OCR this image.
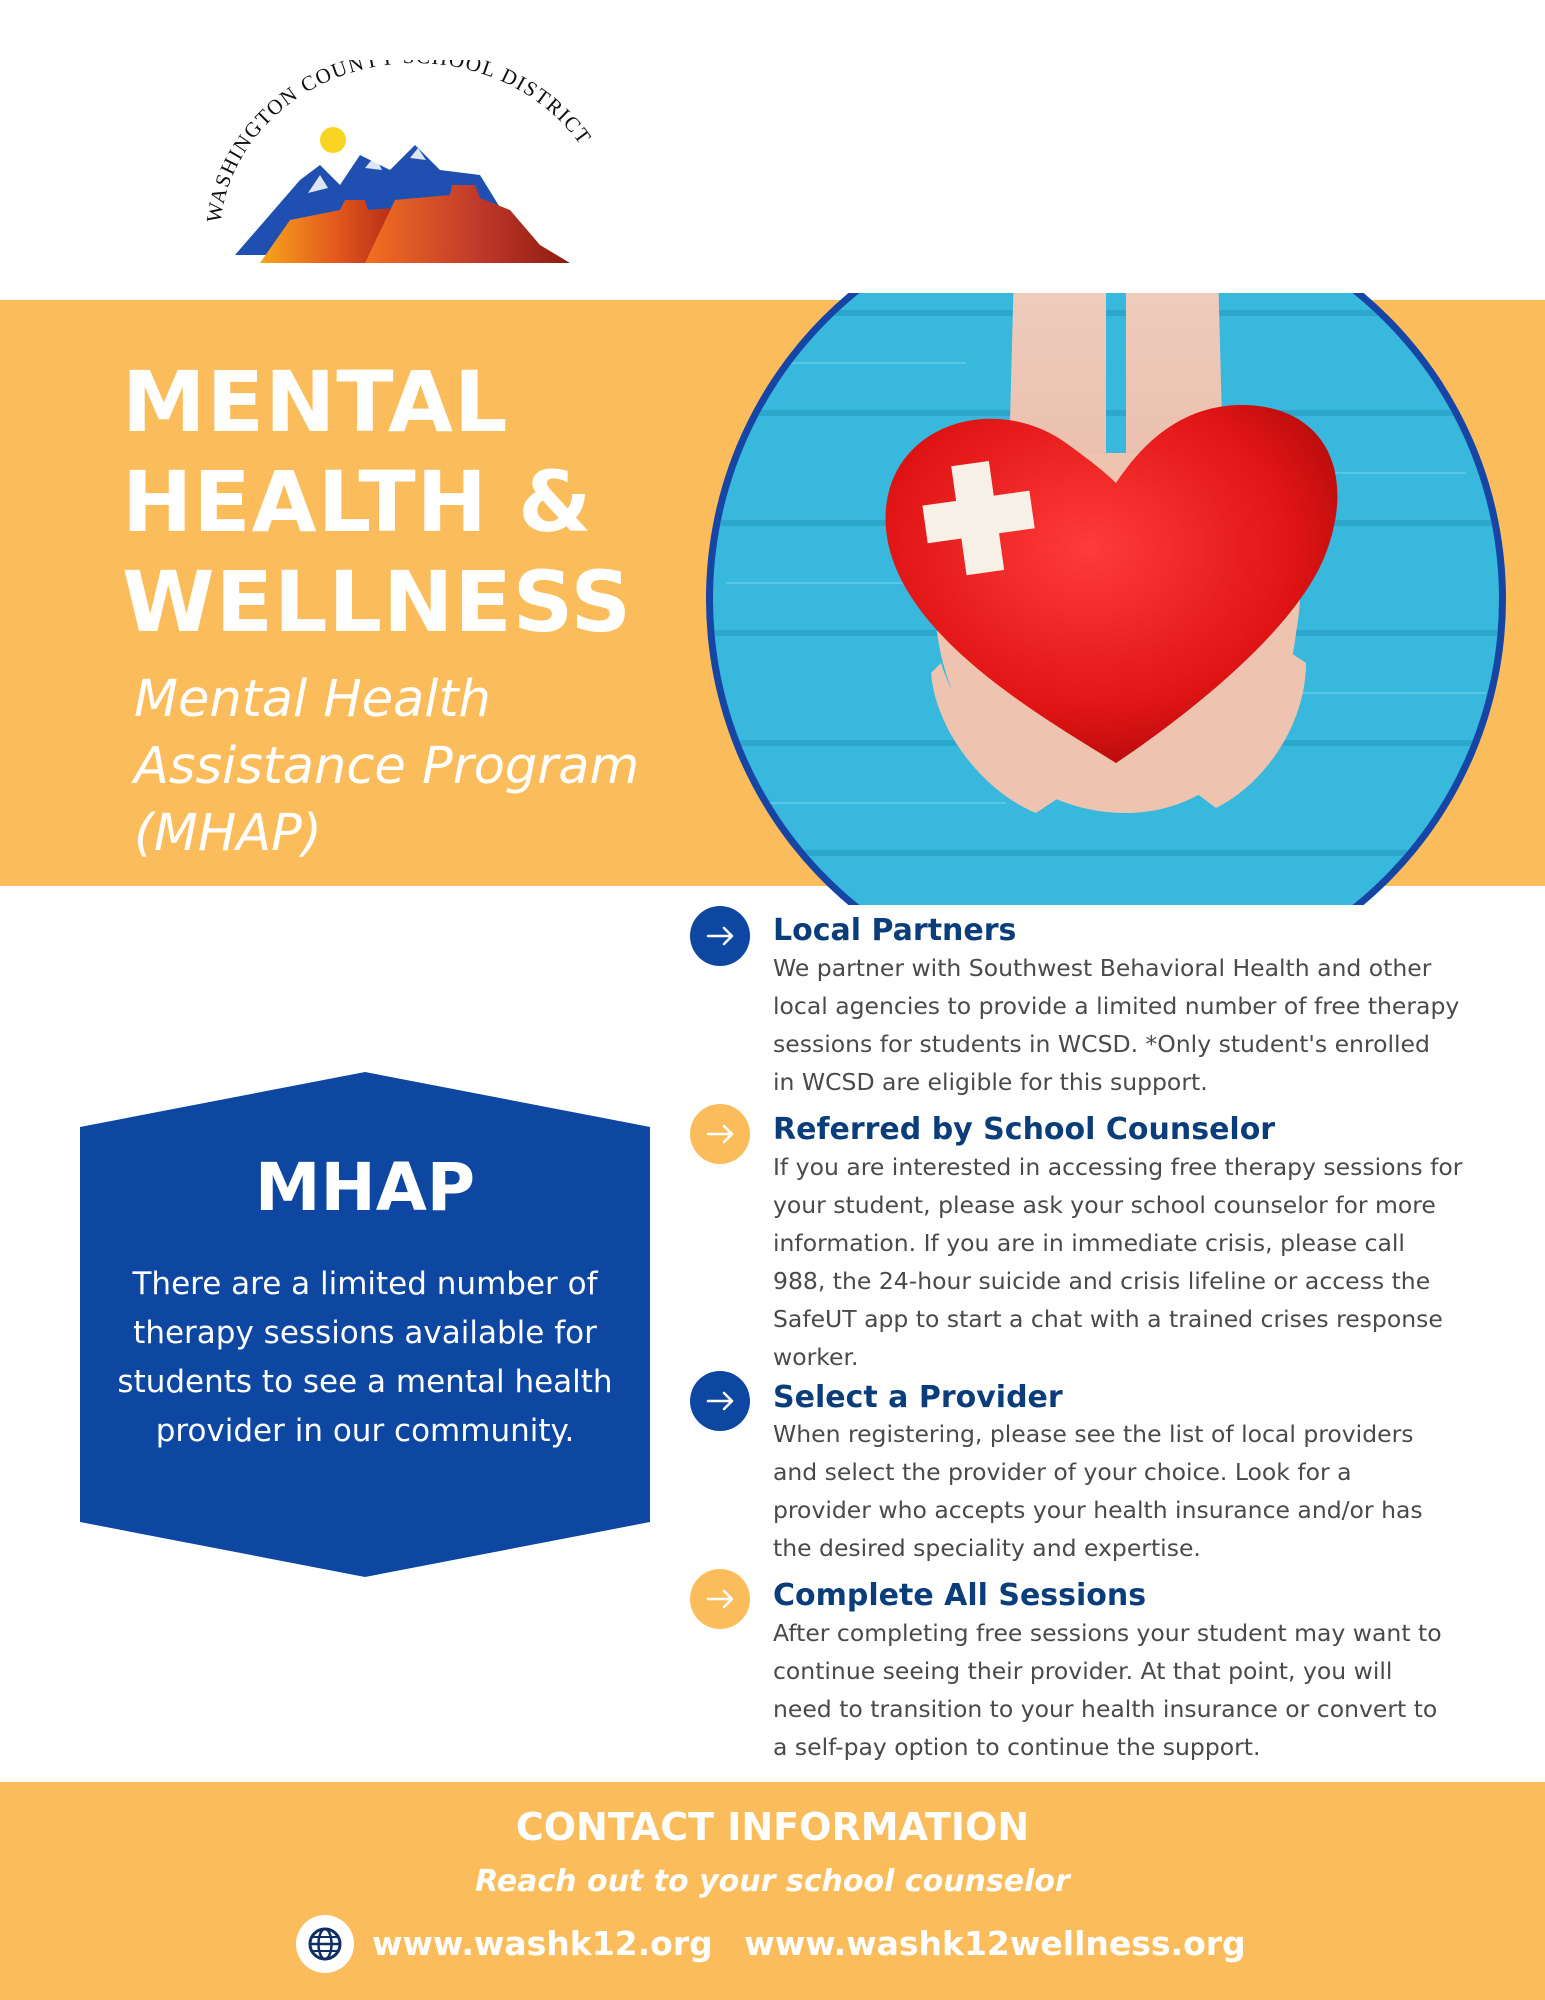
WASHINGTON COUNT OOL DISTRICT
MENTAL
HEALTH &
WELLNESS
Mental Health
Assistance Program
(MHAP)
MHAP
There are a limited number of therapy sessions available for students to see a mental health provider in our community.
Local Partners
We partner with Southwest Behavioral Health and other
local agencies to provide a limited number of free therapy
sessions for students in WCSD. *Only student's enrolled
in WCSD are eligible for this support.
Referred by School Counselor
If you are interested in accessing free therapy sessions for
your student, please ask your school counselor for more
information. If you are in immediate crisis, please call
988, the 24-hour suicide and crisis lifeline or access the
SafeUT app to start a chat with a trained crises response
worker.
Select a Provider
When registering, please see the list of local providers
and select the provider of your choice. Look for a
provider who accepts your health insurance and/or has
the desired speciality and expertise.
Complete All Sessions
After completing free sessions your student may want to
continue seeing their provider. At that point, you will
need to transition to your health insurance or convert to
a self-pay option to continue the support.
CONTACT INFORMATION
Reach out to your school counselor
www.washk12.org www.washk12wellness.org
